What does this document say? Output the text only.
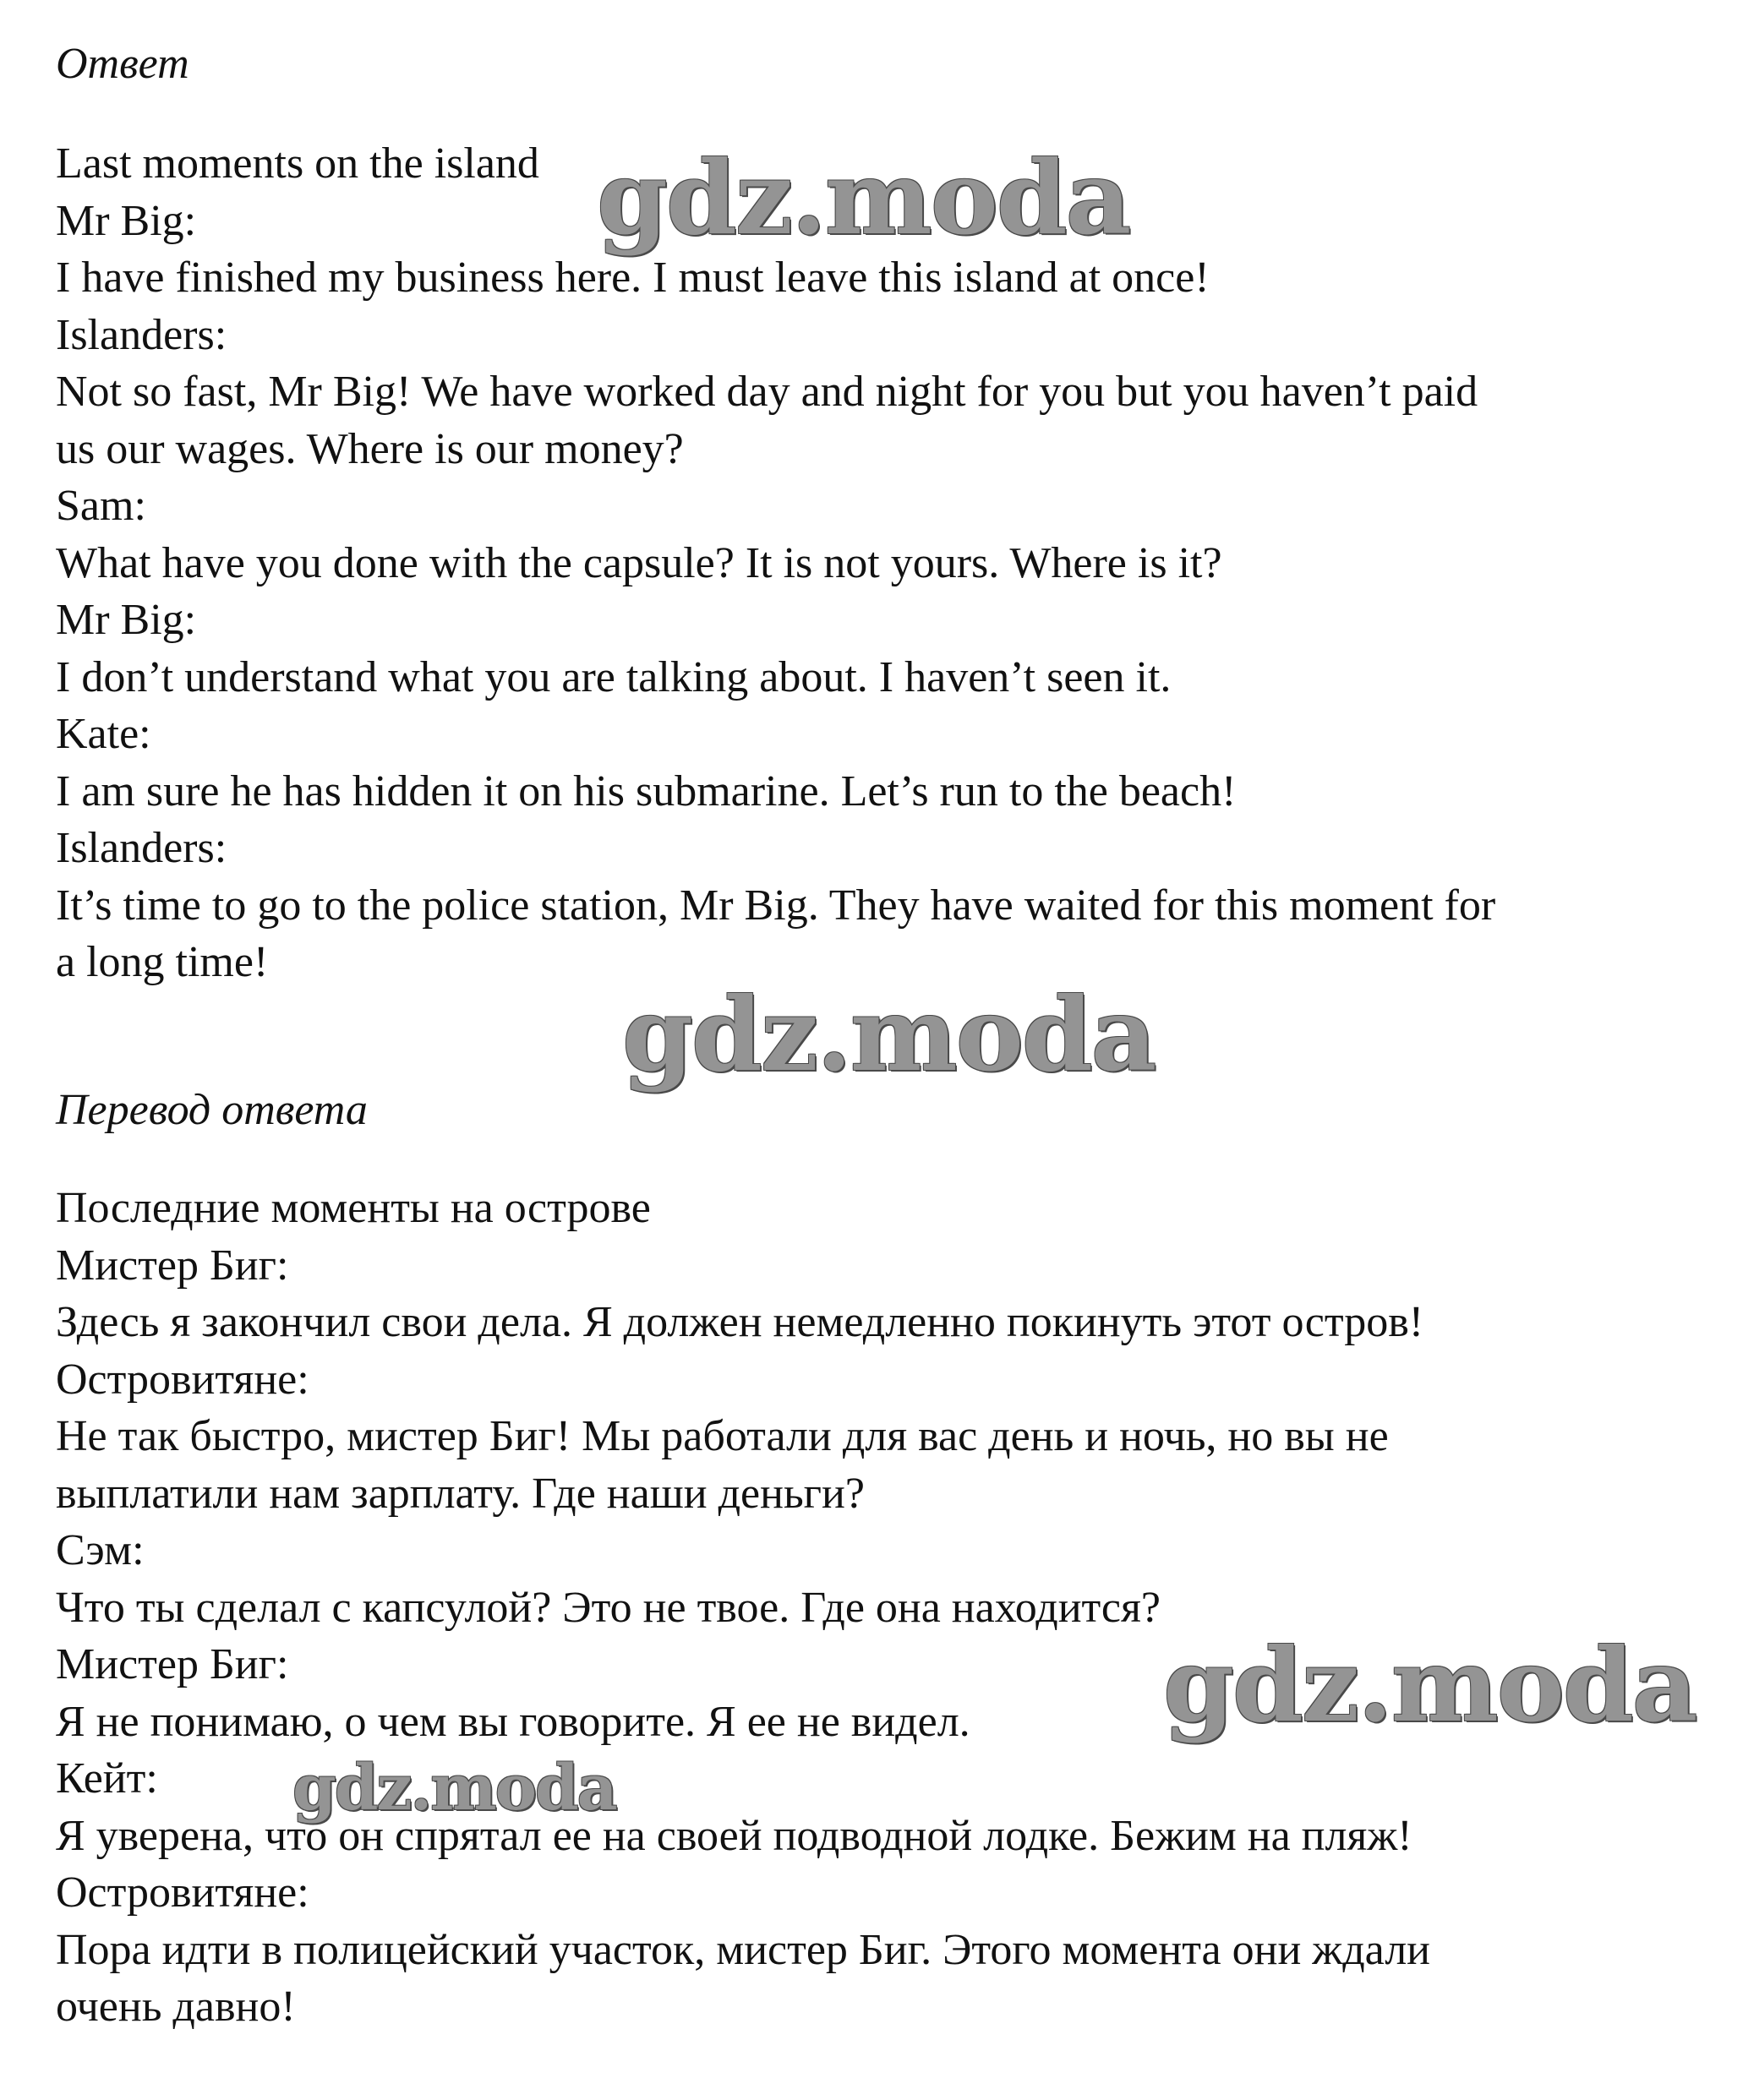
Ответ
Last moments on the island
Mr Big:
I have finished my business here. I must leave this island at once!
Islanders:
Not so fast, Mr Big! We have worked day and night for you but you haven’t paid
us our wages. Where is our money?
Sam:
What have you done with the capsule? It is not yours. Where is it?
Mr Big:
I don’t understand what you are talking about. I haven’t seen it.
Kate:
I am sure he has hidden it on his submarine. Let’s run to the beach!
Islanders:
It’s time to go to the police station, Mr Big. They have waited for this moment for
a long time!
Перевод ответа
Последние моменты на острове
Мистер Биг:
Здесь я закончил свои дела. Я должен немедленно покинуть этот остров!
Островитяне:
Не так быстро, мистер Биг! Мы работали для вас день и ночь, но вы не
выплатили нам зарплату. Где наши деньги?
Сэм:
Что ты сделал с капсулой? Это не твое. Где она находится?
Мистер Биг:
Я не понимаю, о чем вы говорите. Я ее не видел.
Кейт:
Я уверена, что он спрятал ее на своей подводной лодке. Бежим на пляж!
Островитяне:
Пора идти в полицейский участок, мистер Биг. Этого момента они ждали
очень давно!
gdz.moda
gdz.moda
gdz.moda
gdz.moda
